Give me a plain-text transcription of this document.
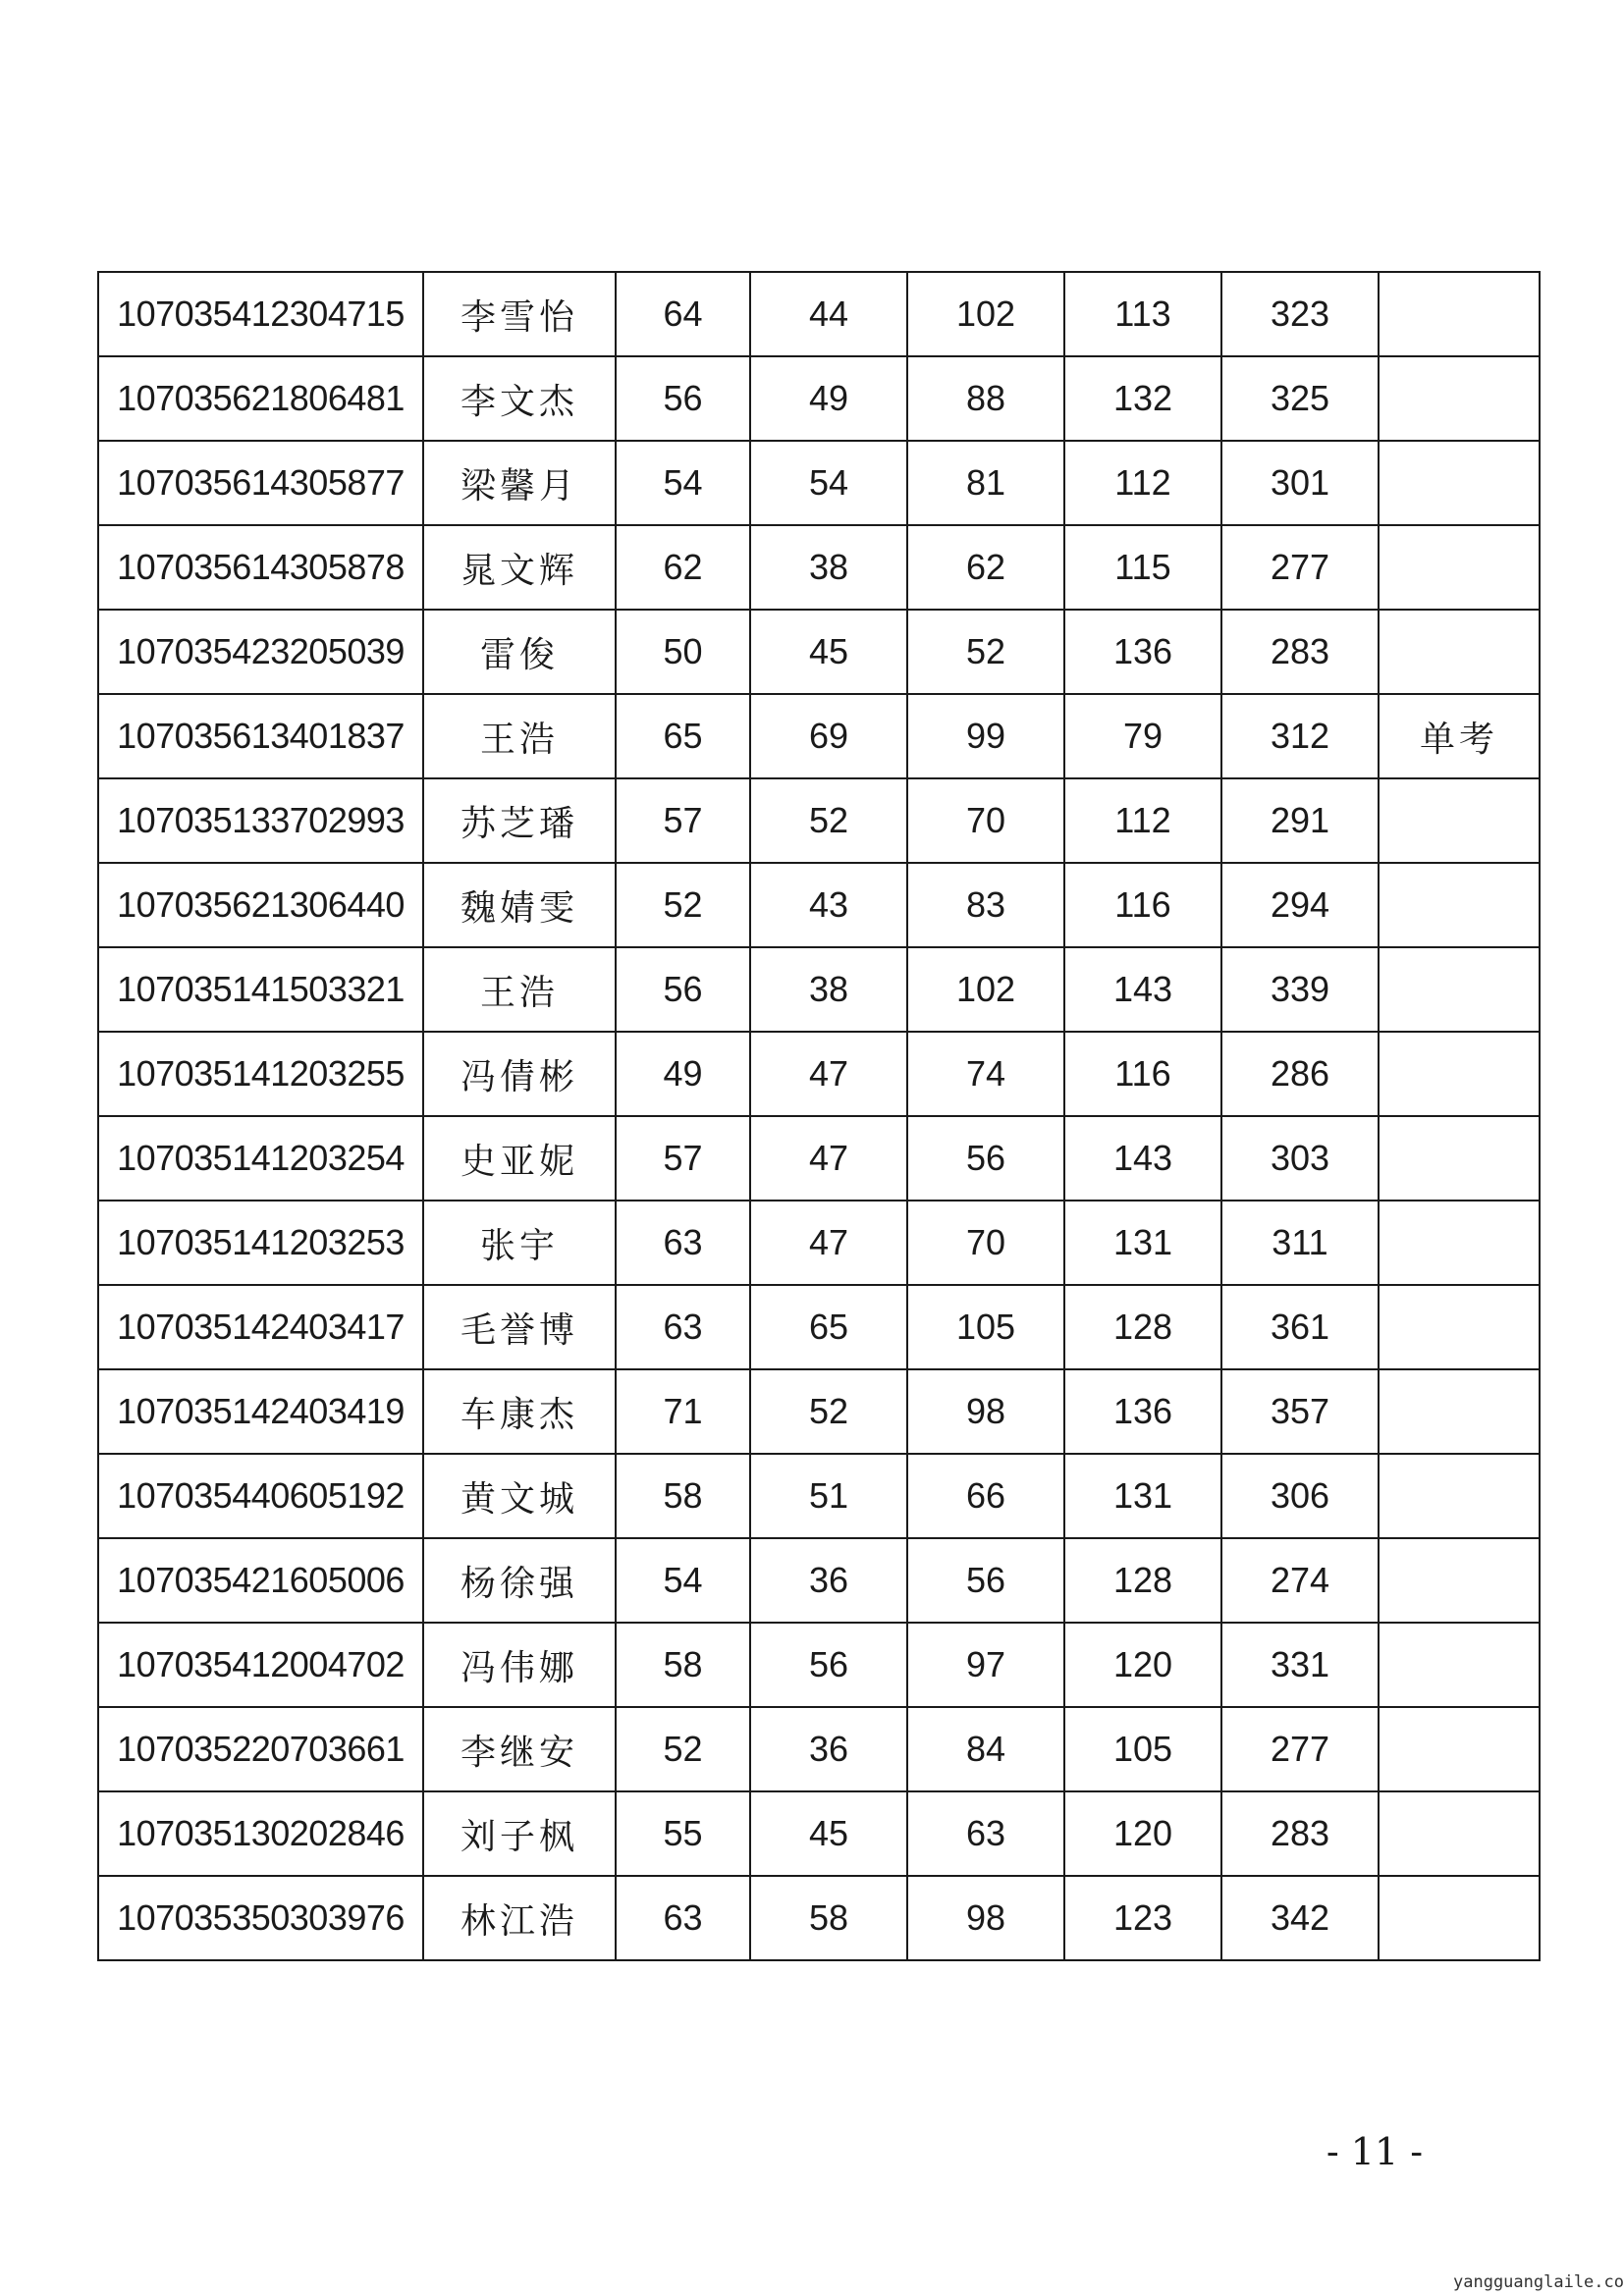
107035412304715	李雪怡	64	44	102	113	323	
107035621806481	李文杰	56	49	88	132	325	
107035614305877	梁馨月	54	54	81	112	301	
107035614305878	晁文辉	62	38	62	115	277	
107035423205039	雷俊	50	45	52	136	283	
107035613401837	王浩	65	69	99	79	312	单考
107035133702993	苏芝璠	57	52	70	112	291	
107035621306440	魏婧雯	52	43	83	116	294	
107035141503321	王浩	56	38	102	143	339	
107035141203255	冯倩彬	49	47	74	116	286	
107035141203254	史亚妮	57	47	56	143	303	
107035141203253	张宇	63	47	70	131	311	
107035142403417	毛誉博	63	65	105	128	361	
107035142403419	车康杰	71	52	98	136	357	
107035440605192	黄文城	58	51	66	131	306	
107035421605006	杨徐强	54	36	56	128	274	
107035412004702	冯伟娜	58	56	97	120	331	
107035220703661	李继安	52	36	84	105	277	
107035130202846	刘子枫	55	45	63	120	283	
107035350303976	林江浩	63	58	98	123	342	
- 11 -
yangguanglaile.co
